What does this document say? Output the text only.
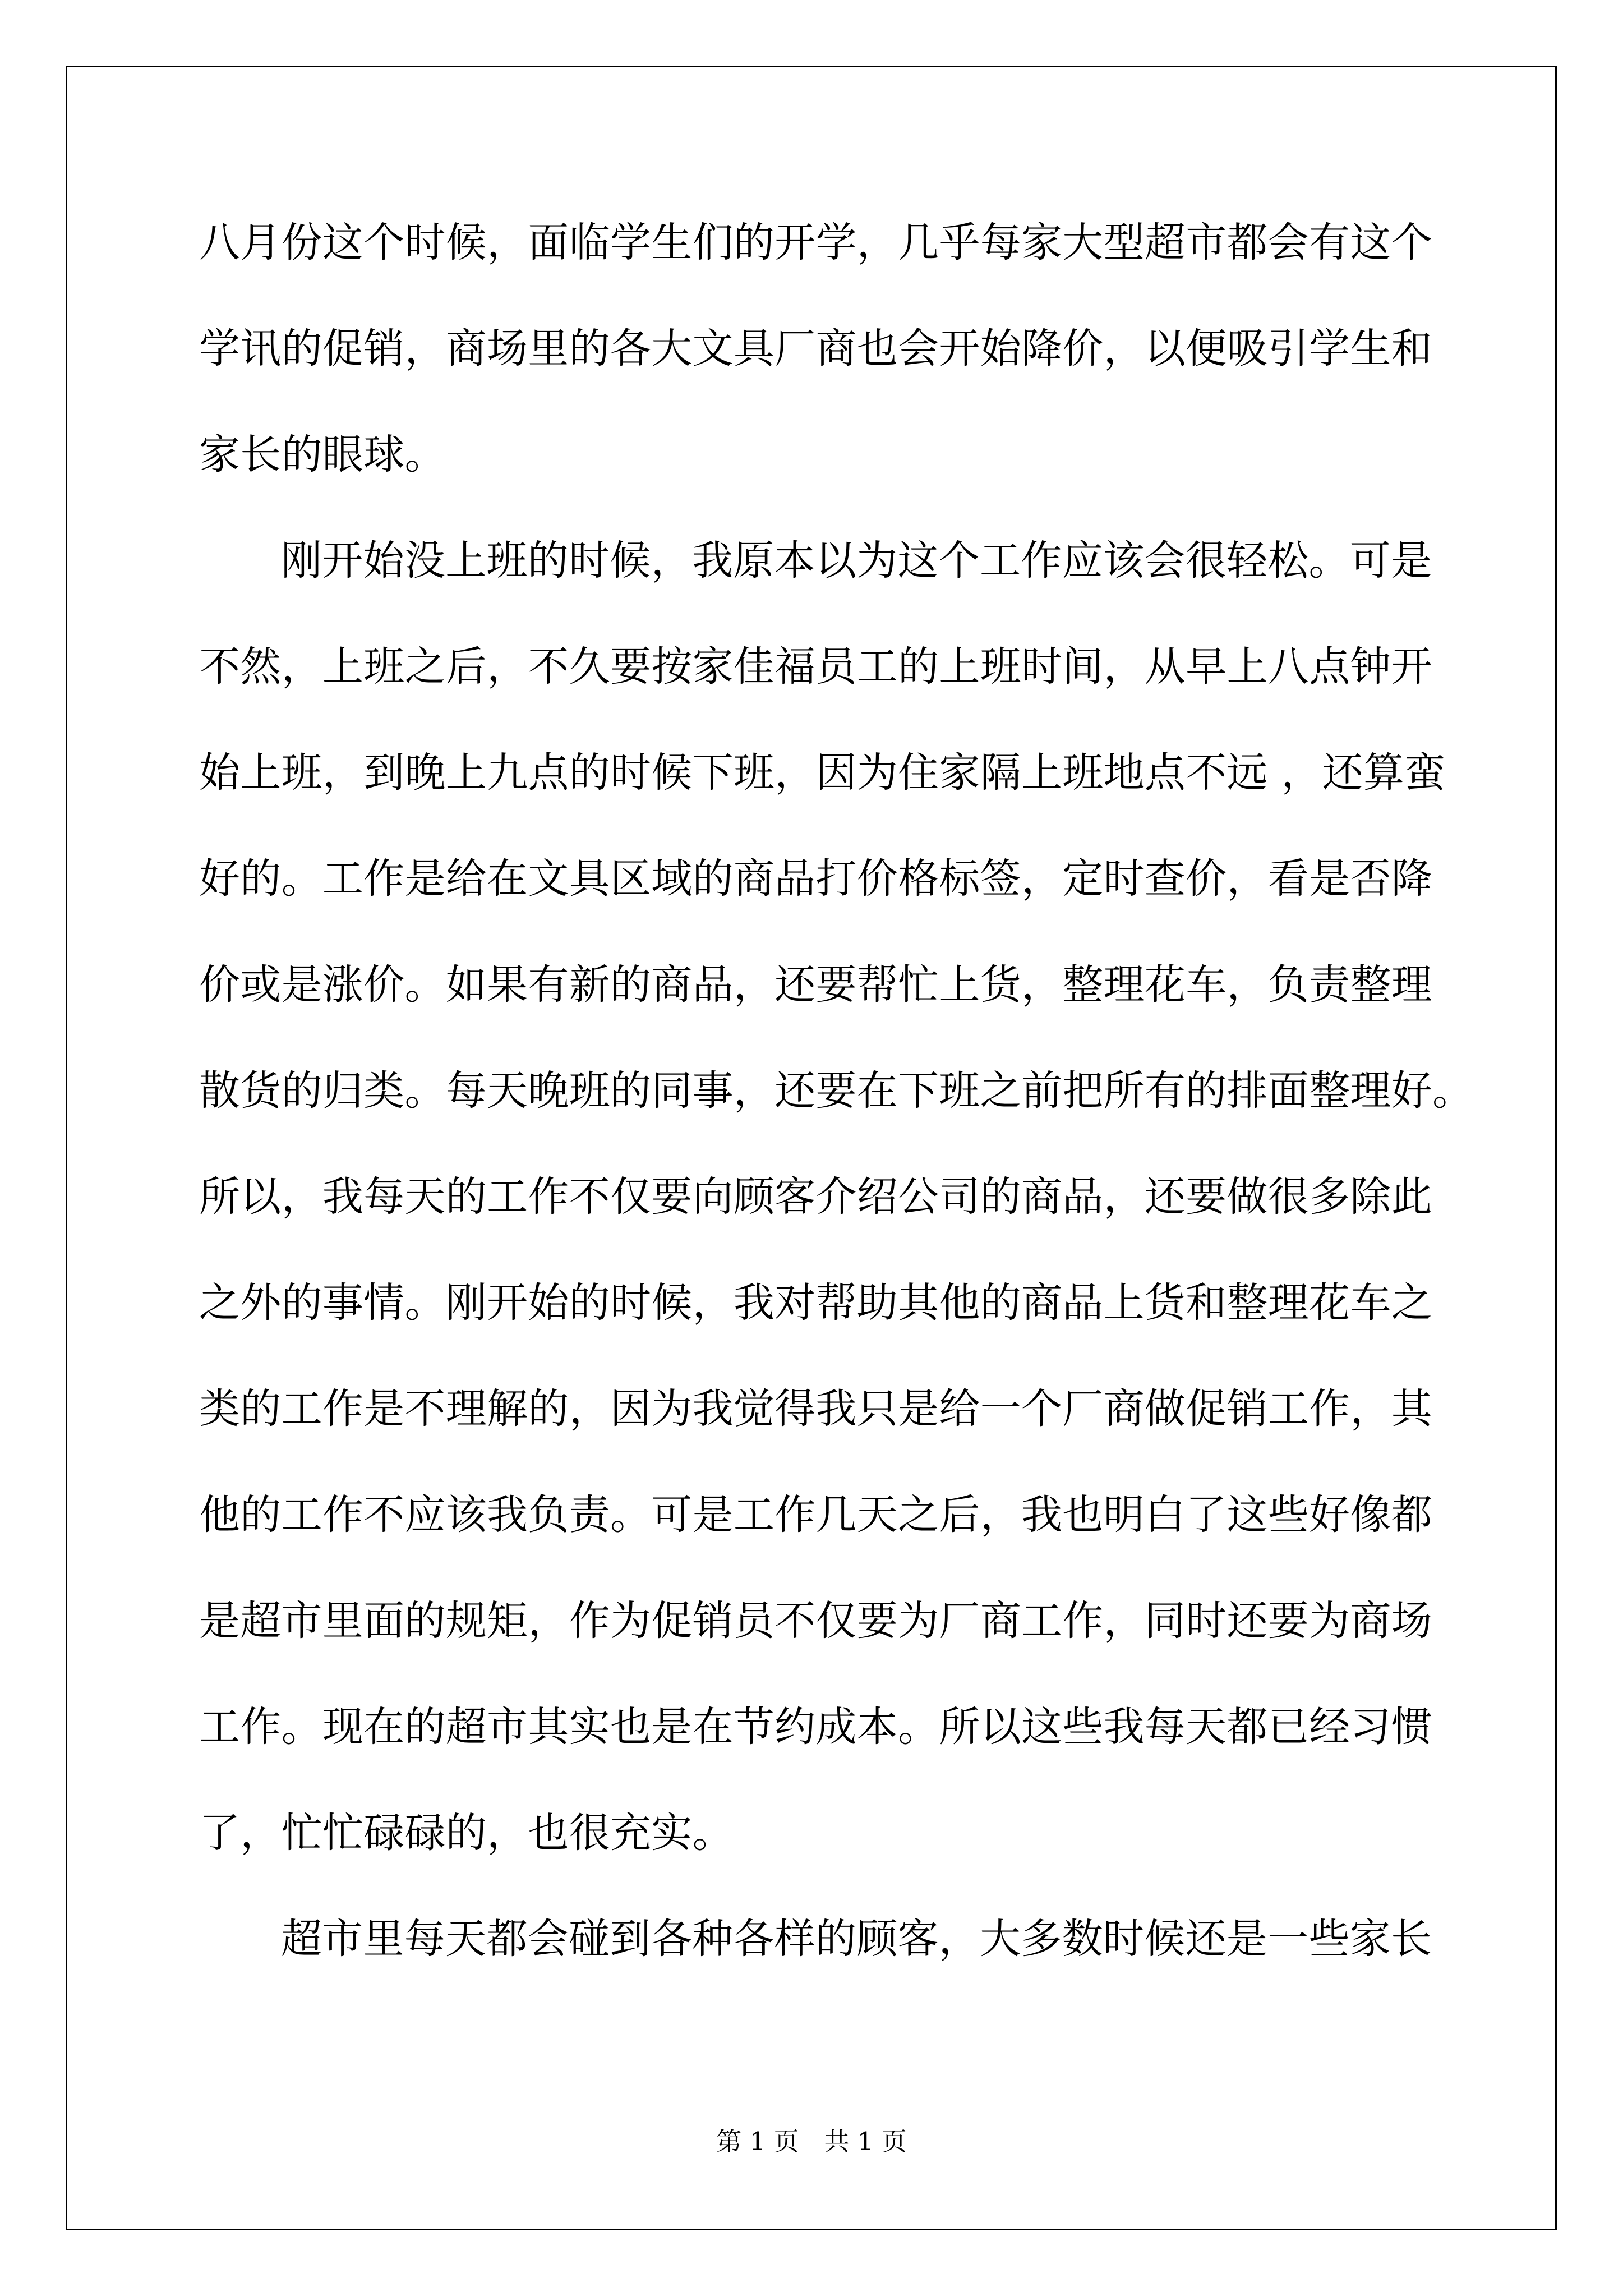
八月份这个时候，面临学生们的开学，几乎每家大型超市都会有这个
学讯的促销，商场里的各大文具厂商也会开始降价，以便吸引学生和
家长的眼球。
刚开始没上班的时候，我原本以为这个工作应该会很轻松。可是
不然，上班之后，不久要按家佳福员工的上班时间，从早上八点钟开
始上班，到晚上九点的时候下班，因为住家隔上班地点不远 ，还算蛮
好的。工作是给在文具区域的商品打价格标签，定时查价，看是否降
价或是涨价。如果有新的商品，还要帮忙上货，整理花车，负责整理
散货的归类。每天晚班的同事，还要在下班之前把所有的排面整理好。
所以，我每天的工作不仅要向顾客介绍公司的商品，还要做很多除此
之外的事情。刚开始的时候，我对帮助其他的商品上货和整理花车之
类的工作是不理解的，因为我觉得我只是给一个厂商做促销工作，其
他的工作不应该我负责。可是工作几天之后，我也明白了这些好像都
是超市里面的规矩，作为促销员不仅要为厂商工作，同时还要为商场
工作。现在的超市其实也是在节约成本。所以这些我每天都已经习惯
了，忙忙碌碌的，也很充实。
超市里每天都会碰到各种各样的顾客，大多数时候还是一些家长
第 1 页　共 1 页
